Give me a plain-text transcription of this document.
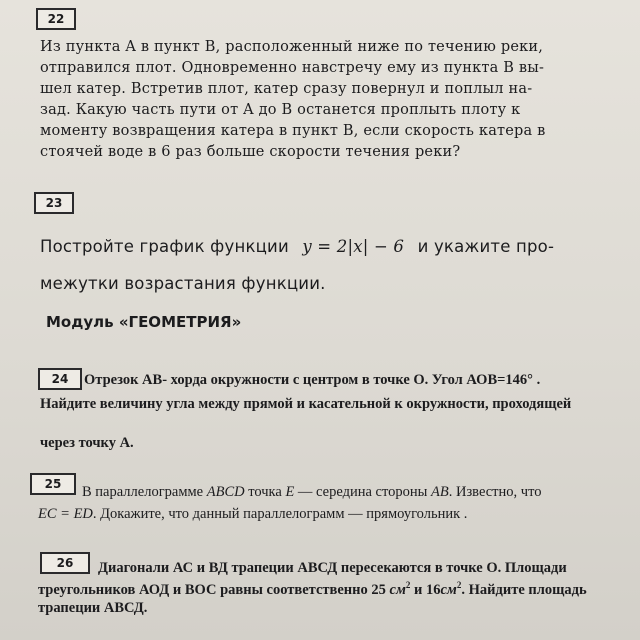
22
Из пункта A в пункт B, расположенный ниже по течению реки,
отправился плот. Одновременно навстречу ему из пункта B вы-
шел катер. Встретив плот, катер сразу повернул и поплыл на-
зад. Какую часть пути от A до B останется проплыть плоту к
моменту возвращения катера в пункт B, если скорость катера в
стоячей воде в 6 раз больше скорости течения реки?
23
Постройте график функции y = 2|x| − 6 и укажите про-
межутки возрастания функции.
Модуль «ГЕОМЕТРИЯ»
24	Отрезок АВ- хорда окружности с центром в точке О. Угол АОВ=146° .
Найдите величину угла между прямой и касательной к окружности, проходящей
через точку А.
25	В параллелограмме ABCD точка E — середина стороны AB. Известно, что
EC = ED. Докажите, что данный параллелограмм — прямоугольник .
26	Диагонали АС и ВД трапеции АВСД пересекаются в точке О. Площади
треугольников АОД и ВОС равны соответственно 25 $см^2$ и $16см^2$. Найдите площадь
трапеции АВСД.
